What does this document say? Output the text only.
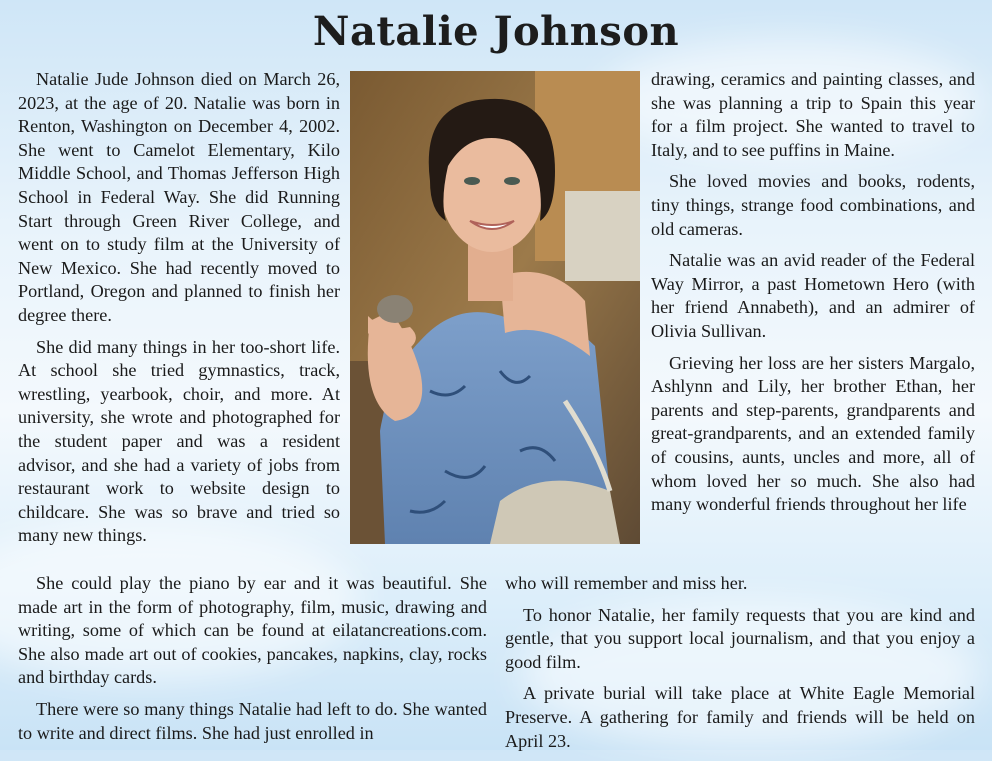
Natalie Johnson

Natalie Jude Johnson died on March 26, 2023, at the age of 20. Natalie was born in Renton, Washington on December 4, 2002. She went to Camelot Elementary, Kilo Middle School, and Thomas Jefferson High School in Federal Way. She did Running Start through Green River College, and went on to study film at the University of New Mexico. She had recently moved to Portland, Oregon and planned to finish her degree there.

She did many things in her too-short life. At school she tried gymnastics, track, wrestling, yearbook, choir, and more. At university, she wrote and photographed for the student paper and was a resident advisor, and she had a variety of jobs from restaurant work to website design to childcare. She was so brave and tried so many new things.

drawing, ceramics and painting classes, and she was planning a trip to Spain this year for a film project. She wanted to travel to Italy, and to see puffins in Maine.

She loved movies and books, rodents, tiny things, strange food combinations, and old cameras.

Natalie was an avid reader of the Federal Way Mirror, a past Hometown Hero (with her friend Annabeth), and an admirer of Olivia Sullivan.

Grieving her loss are her sisters Margalo, Ashlynn and Lily, her brother Ethan, her parents and step-parents, grandparents and great-grandparents, and an extended family of cousins, aunts, uncles and more, all of whom loved her so much. She also had many wonderful friends throughout her life

She could play the piano by ear and it was beautiful. She made art in the form of photography, film, music, drawing and writing, some of which can be found at eilatancreations.com. She also made art out of cookies, pancakes, napkins, clay, rocks and birthday cards.

There were so many things Natalie had left to do. She wanted to write and direct films. She had just enrolled in

who will remember and miss her.

To honor Natalie, her family requests that you are kind and gentle, that you support local journalism, and that you enjoy a good film.

A private burial will take place at White Eagle Memorial Preserve. A gathering for family and friends will be held on April 23.
